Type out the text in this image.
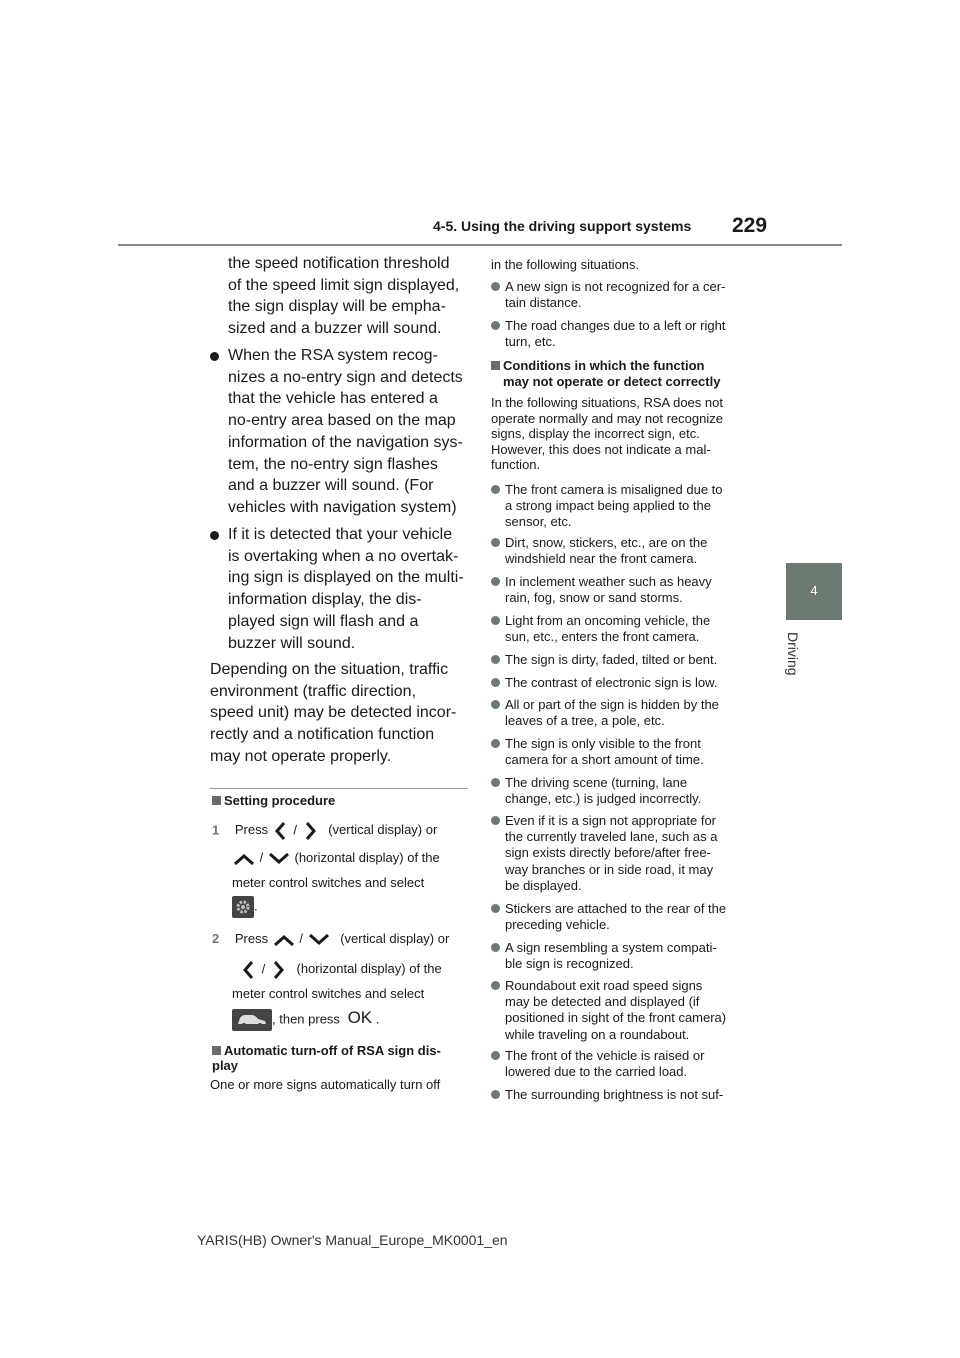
4-5. Using the driving support systems 229
4
Driving
the speed notification threshold
of the speed limit sign displayed,
the sign display will be empha-
sized and a buzzer will sound.
When the RSA system recog-
nizes a no-entry sign and detects
that the vehicle has entered a
no-entry area based on the map
information of the navigation sys-
tem, the no-entry sign flashes
and a buzzer will sound. (For
vehicles with navigation system)
If it is detected that your vehicle
is overtaking when a no overtak-
ing sign is displayed on the multi-
information display, the dis-
played sign will flash and a
buzzer will sound.
Depending on the situation, traffic
environment (traffic direction,
speed unit) may be detected incor-
rectly and a notification function
may not operate properly.
Setting procedure
1 Press / (vertical display) or
/ (horizontal display) of the
meter control switches and select
.
2 Press /	(vertical display) or
/ (horizontal display) of the
meter control switches and select
, then press OK .
Automatic turn-off of RSA sign dis-
play
One or more signs automatically turn off
in the following situations.
A new sign is not recognized for a cer-
tain distance.
The road changes due to a left or right
turn, etc.
Conditions in which the function
may not operate or detect correctly
In the following situations, RSA does not
operate normally and may not recognize
signs, display the incorrect sign, etc.
However, this does not indicate a mal-
function.
The front camera is misaligned due to
a strong impact being applied to the
sensor, etc.
Dirt, snow, stickers, etc., are on the
windshield near the front camera.
In inclement weather such as heavy
rain, fog, snow or sand storms.
Light from an oncoming vehicle, the
sun, etc., enters the front camera.
The sign is dirty, faded, tilted or bent.
The contrast of electronic sign is low.
All or part of the sign is hidden by the
leaves of a tree, a pole, etc.
The sign is only visible to the front
camera for a short amount of time.
The driving scene (turning, lane
change, etc.) is judged incorrectly.
Even if it is a sign not appropriate for
the currently traveled lane, such as a
sign exists directly before/after free-
way branches or in side road, it may
be displayed.
Stickers are attached to the rear of the
preceding vehicle.
A sign resembling a system compati-
ble sign is recognized.
Roundabout exit road speed signs
may be detected and displayed (if
positioned in sight of the front camera)
while traveling on a roundabout.
The front of the vehicle is raised or
lowered due to the carried load.
The surrounding brightness is not suf-
YARIS(HB) Owner's Manual_Europe_MK0001_en
